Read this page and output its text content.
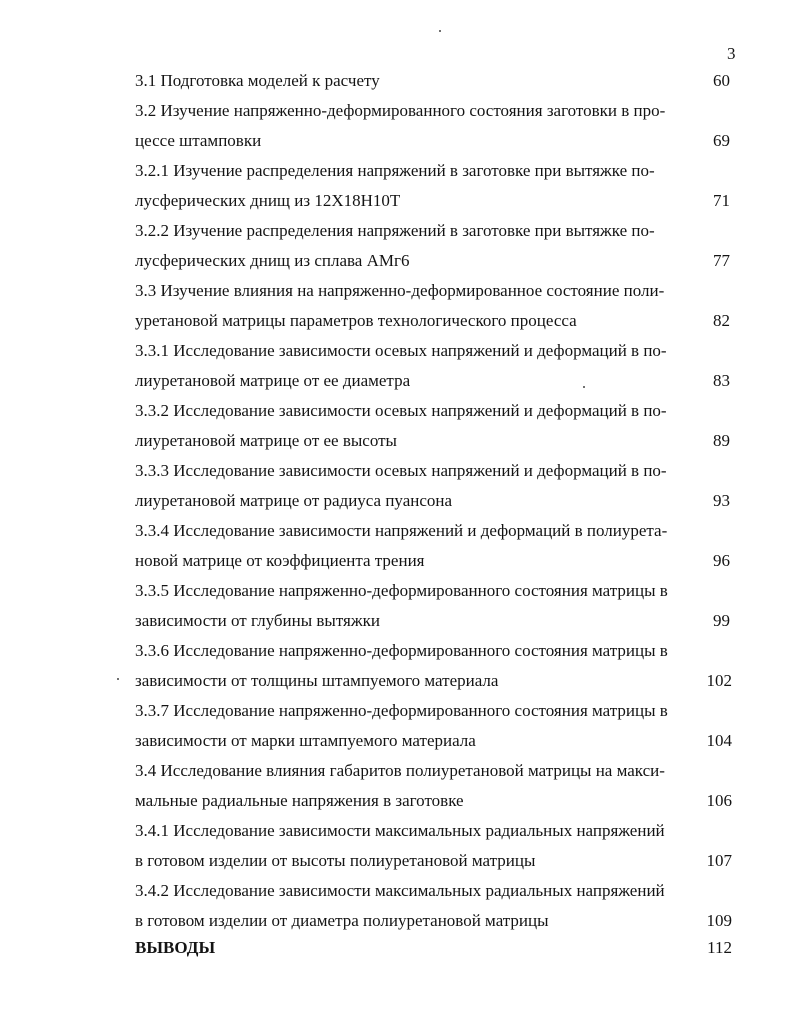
3
3.1 Подготовка моделей к расчету	60
3.2 Изучение напряженно-деформированного состояния заготовки в про-
цессе штамповки	69
3.2.1 Изучение распределения напряжений в заготовке при вытяжке по-
лусферических днищ из 12Х18Н10Т	71
3.2.2 Изучение распределения напряжений в заготовке при вытяжке по-
лусферических днищ из сплава АМг6	77
3.3 Изучение влияния на напряженно-деформированное состояние поли-
уретановой матрицы параметров технологического процесса	82
3.3.1 Исследование зависимости осевых напряжений и деформаций в по-
лиуретановой матрице от ее диаметра	83
3.3.2 Исследование зависимости осевых напряжений и деформаций в по-
лиуретановой матрице от ее высоты	89
3.3.3 Исследование зависимости осевых напряжений и деформаций в по-
лиуретановой матрице от радиуса пуансона	93
3.3.4 Исследование зависимости напряжений и деформаций в полиурета-
новой матрице от коэффициента трения	96
3.3.5 Исследование напряженно-деформированного состояния матрицы в
зависимости от глубины вытяжки	99
3.3.6 Исследование напряженно-деформированного состояния матрицы в
зависимости от толщины штампуемого материала	102
3.3.7 Исследование напряженно-деформированного состояния матрицы в
зависимости от марки штампуемого материала	104
3.4 Исследование влияния габаритов полиуретановой матрицы на макси-
мальные радиальные напряжения в заготовке	106
3.4.1 Исследование зависимости максимальных радиальных напряжений
в готовом изделии от высоты полиуретановой матрицы	107
3.4.2 Исследование зависимости максимальных радиальных напряжений
в готовом изделии от диаметра полиуретановой матрицы	109
ВЫВОДЫ	112
